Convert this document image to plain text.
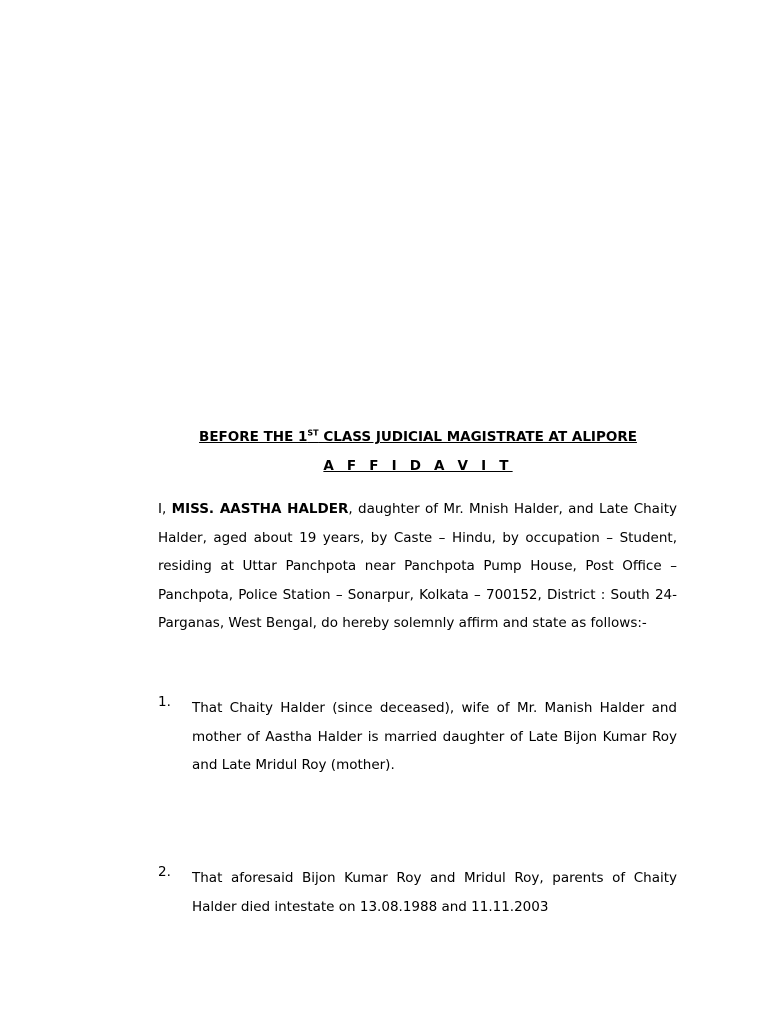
BEFORE THE 1ST CLASS JUDICIAL MAGISTRATE AT ALIPORE
A F F I D A V I T

I, MISS. AASTHA HALDER, daughter of Mr. Mnish Halder, and Late Chaity Halder, aged about 19 years, by Caste – Hindu, by occupation – Student, residing at Uttar Panchpota near Panchpota Pump House, Post Office – Panchpota, Police Station – Sonarpur, Kolkata – 700152, District : South 24-Parganas, West Bengal, do hereby solemnly affirm and state as follows:-

1. That Chaity Halder (since deceased), wife of Mr. Manish Halder and mother of Aastha Halder is married daughter of Late Bijon Kumar Roy and Late Mridul Roy (mother).

2. That aforesaid Bijon Kumar Roy and Mridul Roy, parents of Chaity Halder died intestate on 13.08.1988 and 11.11.2003
